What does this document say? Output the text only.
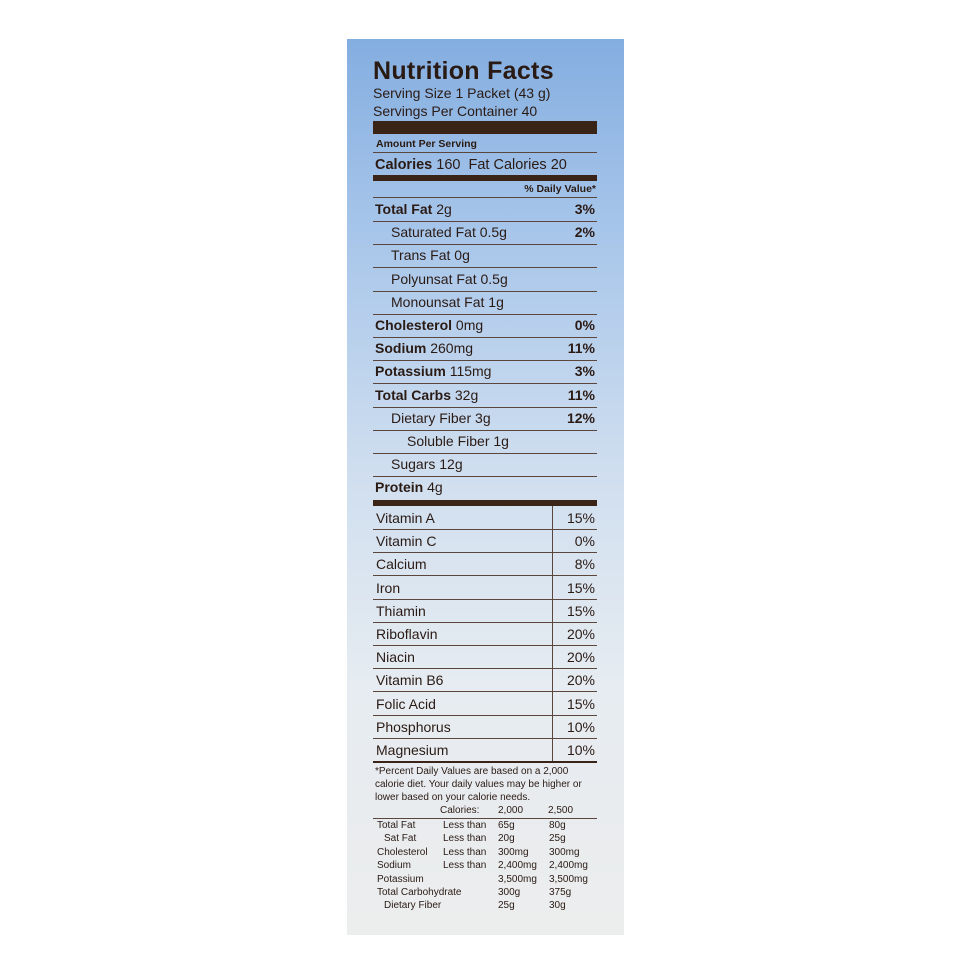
Nutrition Facts
Serving Size 1 Packet (43 g)
Servings Per Container 40
Amount Per Serving
Calories 160 Fat Calories 20
% Daily Value*
Total Fat 2g	3%
Saturated Fat 0.5g	2%
Trans Fat 0g
Polyunsat Fat 0.5g
Monounsat Fat 1g
Cholesterol 0mg	0%
Sodium 260mg	11%
Potassium 115mg	3%
Total Carbs 32g	11%
Dietary Fiber 3g	12%
Soluble Fiber 1g
Sugars 12g
Protein 4g
Vitamin A	15%
Vitamin C	0%
Calcium	8%
Iron	15%
Thiamin	15%
Riboflavin	20%
Niacin	20%
Vitamin B6	20%
Folic Acid	15%
Phosphorus	10%
Magnesium	10%
*Percent Daily Values are based on a 2,000 calorie diet. Your daily values may be higher or lower based on your calorie needs.
Calories: 2,000 2,500
Total Fat	Less than 65g	80g
Sat Fat	Less than 20g	25g
Cholesterol Less than 300mg 300mg
Sodium	Less than 2,400mg 2,400mg
Potassium	3,500mg 3,500mg
Total Carbohydrate	300g	375g
Dietary Fiber	25g	30g
